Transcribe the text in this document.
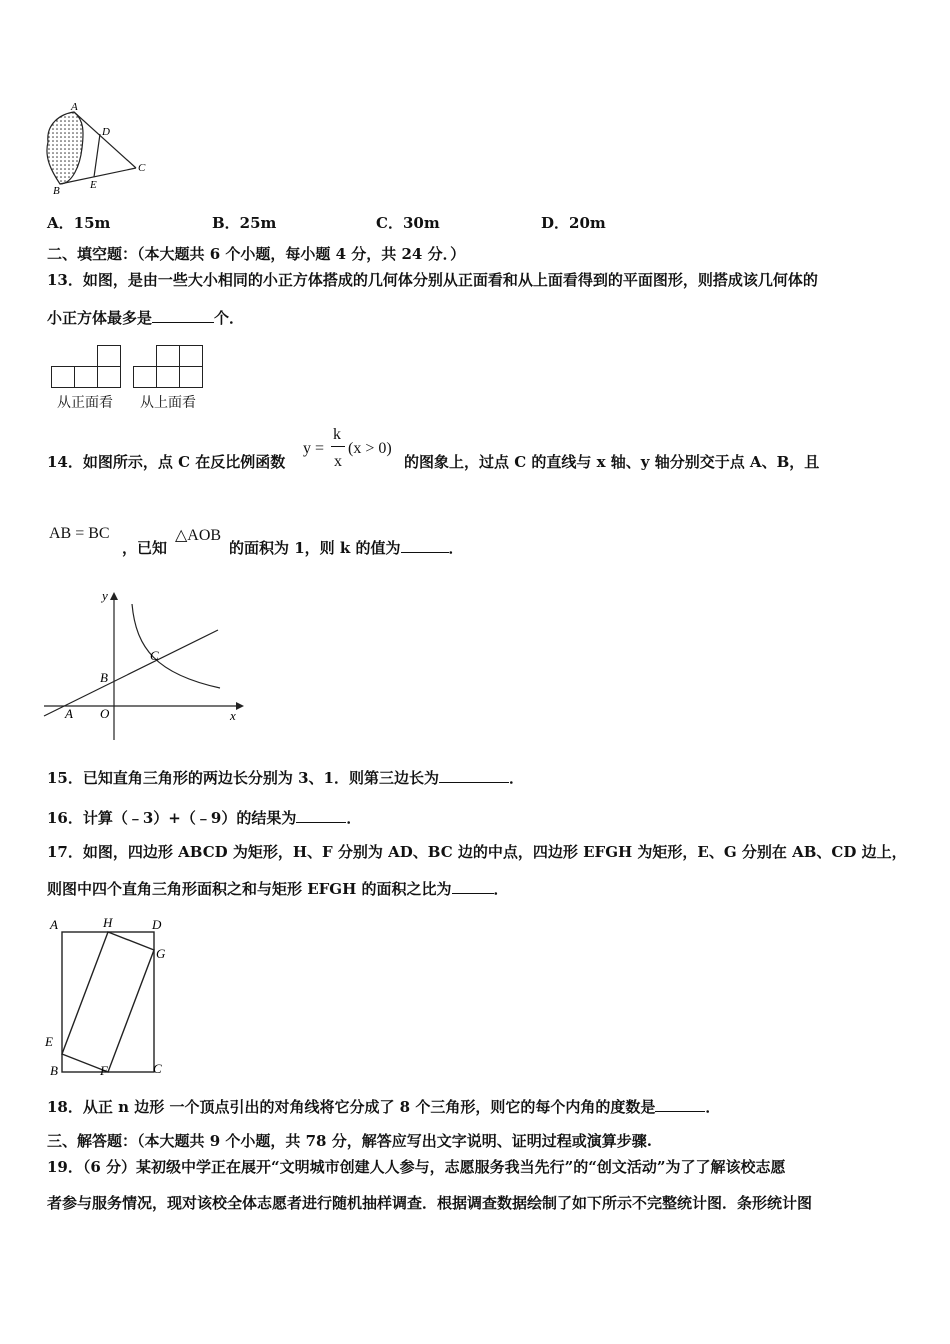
A
D
C
E
B
A．15m	B．25m	C．30m	D．20m
二、填空题：（本大题共 6 个小题，每小题 4 分，共 24 分．）
13．如图，是由一些大小相同的小正方体搭成的几何体分别从正面看和从上面看得到的平面图形，则搭成该几何体的
小正方体最多是	个．

从正面看 从上面看
14．如图所示，点 C 在反比例函数
y =
k
x
(x > 0)
的图象上，过点 C 的直线与 x 轴、y 轴分别交于点 A、B，且
AB = BC
，已知
△AOB
的面积为 1，则 k 的值为	．
y
x
C
B
A O
15．已知直角三角形的两边长分别为 3、1．则第三边长为	．
16．计算（﹣3）+（﹣9）的结果为	．
17．如图，四边形 ABCD 为矩形，H、F 分别为 AD、BC 边的中点，四边形 EFGH 为矩形，E、G 分别在 AB、CD 边上，
则图中四个直角三角形面积之和与矩形 EFGH 的面积之比为	．
A	H	D
G
E
B	F	C
18．从正 n 边形 一个顶点引出的对角线将它分成了 8 个三角形，则它的每个内角的度数是	．
三、解答题：（本大题共 9 个小题，共 78 分，解答应写出文字说明、证明过程或演算步骤.
19．（6 分）某初级中学正在展开“文明城市创建人人参与，志愿服务我当先行”的“创文活动”为了了解该校志愿
者参与服务情况，现对该校全体志愿者进行随机抽样调查．根据调查数据绘制了如下所示不完整统计图．条形统计图
